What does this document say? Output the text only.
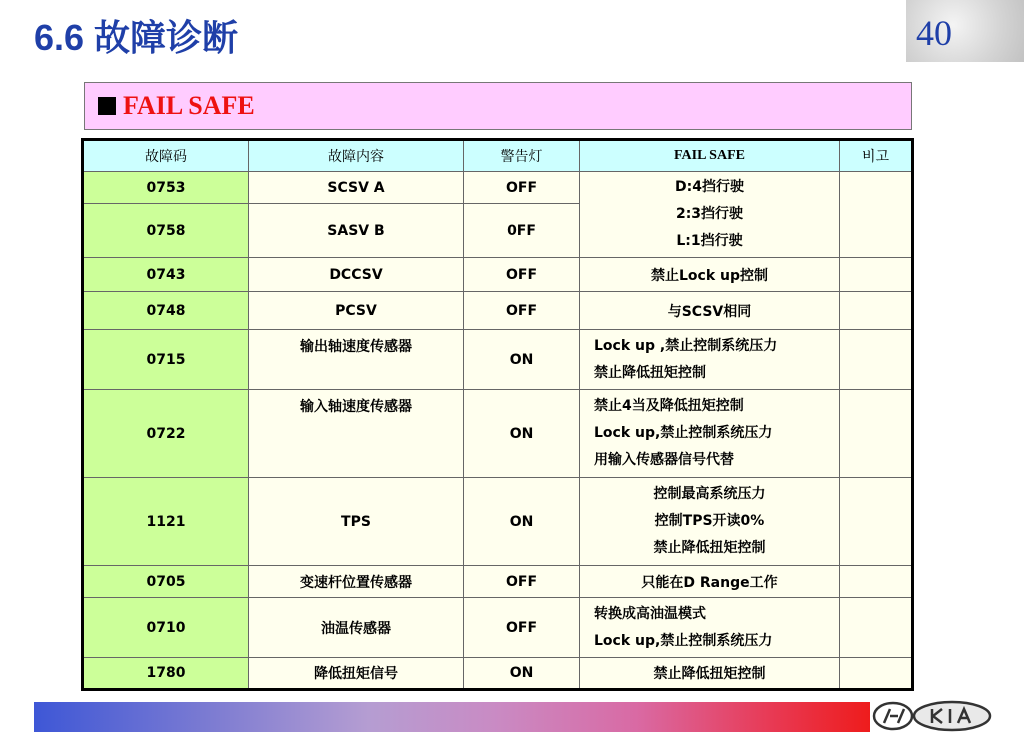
6.6 故障诊断	40
FAIL SAFE
故障码	故障内容	警告灯	FAIL SAFE	비고
0753	SCSV A	OFF	D:4挡行驶
2:3挡行驶
L:1挡行驶	

0758	SASV B	0FF		
0743	DCCSV	OFF	禁止Lock up控制	
0748	PCSV	OFF	与SCSV相同	
0715	输出轴速度传感器	ON	Lock up ,禁止控制系统压力
禁止降低扭矩控制	

0722	输入轴速度传感器	ON	禁止4当及降低扭矩控制
Lock up,禁止控制系统压力
用输入传感器信号代替	

1121	TPS	ON	控制最高系统压力
控制TPS开读0%
禁止降低扭矩控制	

0705	变速杆位置传感器	OFF	只能在D Range工作	
0710	油温传感器	OFF	转换成高油温模式
Lock up,禁止控制系统压力	

1780	降低扭矩信号	ON	禁止降低扭矩控制	
